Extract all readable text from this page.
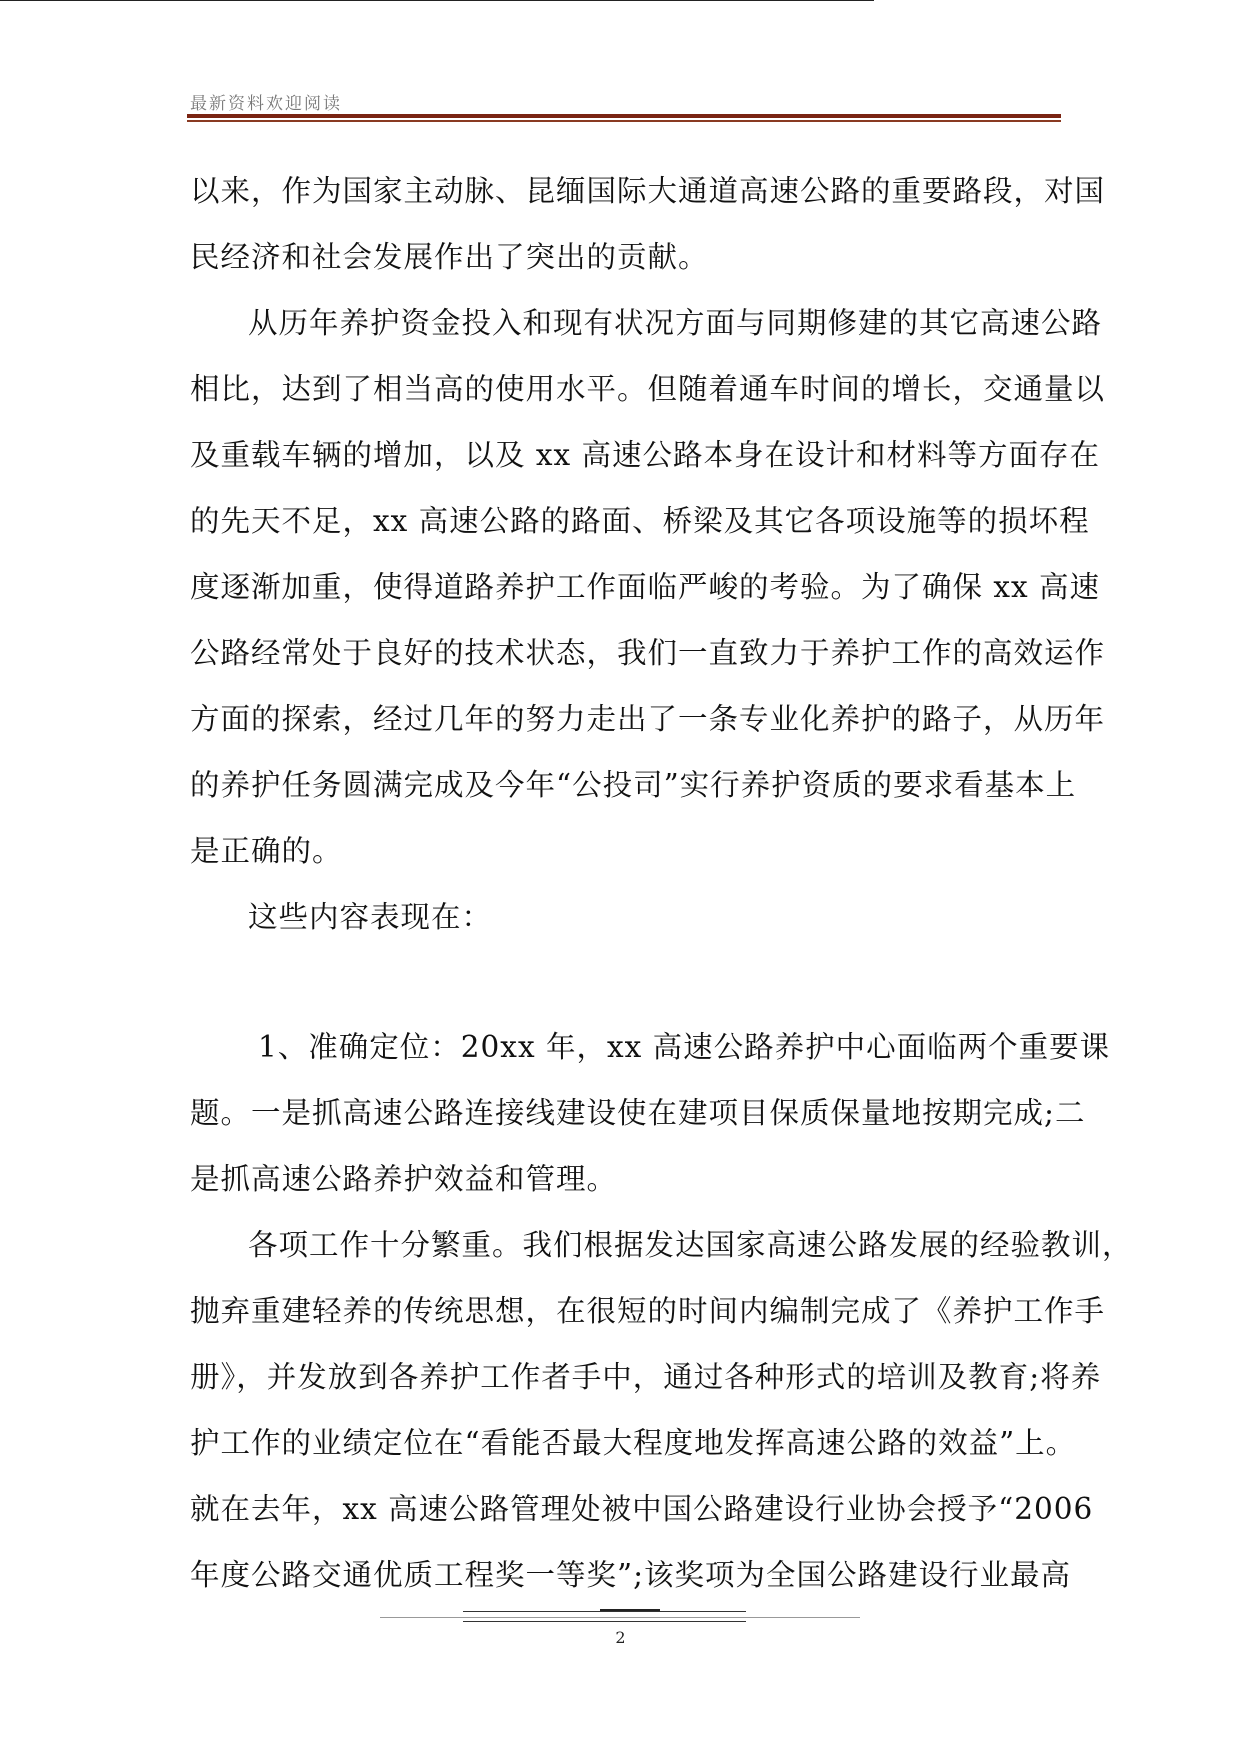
最新资料欢迎阅读
以来，作为国家主动脉、昆缅国际大通道高速公路的重要路段，对国
民经济和社会发展作出了突出的贡献。
从历年养护资金投入和现有状况方面与同期修建的其它高速公路
相比，达到了相当高的使用水平。但随着通车时间的增长，交通量以
及重载车辆的增加，以及 xx 高速公路本身在设计和材料等方面存在
的先天不足，xx 高速公路的路面、桥梁及其它各项设施等的损坏程
度逐渐加重，使得道路养护工作面临严峻的考验。为了确保 xx 高速
公路经常处于良好的技术状态，我们一直致力于养护工作的高效运作
方面的探索，经过几年的努力走出了一条专业化养护的路子，从历年
的养护任务圆满完成及今年“公投司”实行养护资质的要求看基本上
是正确的。
这些内容表现在：
1、准确定位：20xx 年，xx 高速公路养护中心面临两个重要课
题。一是抓高速公路连接线建设使在建项目保质保量地按期完成;二
是抓高速公路养护效益和管理。
各项工作十分繁重。我们根据发达国家高速公路发展的经验教训，
抛弃重建轻养的传统思想，在很短的时间内编制完成了《养护工作手
册》，并发放到各养护工作者手中，通过各种形式的培训及教育;将养
护工作的业绩定位在“看能否最大程度地发挥高速公路的效益”上。
就在去年，xx 高速公路管理处被中国公路建设行业协会授予“2006
年度公路交通优质工程奖一等奖”;该奖项为全国公路建设行业最高
2
